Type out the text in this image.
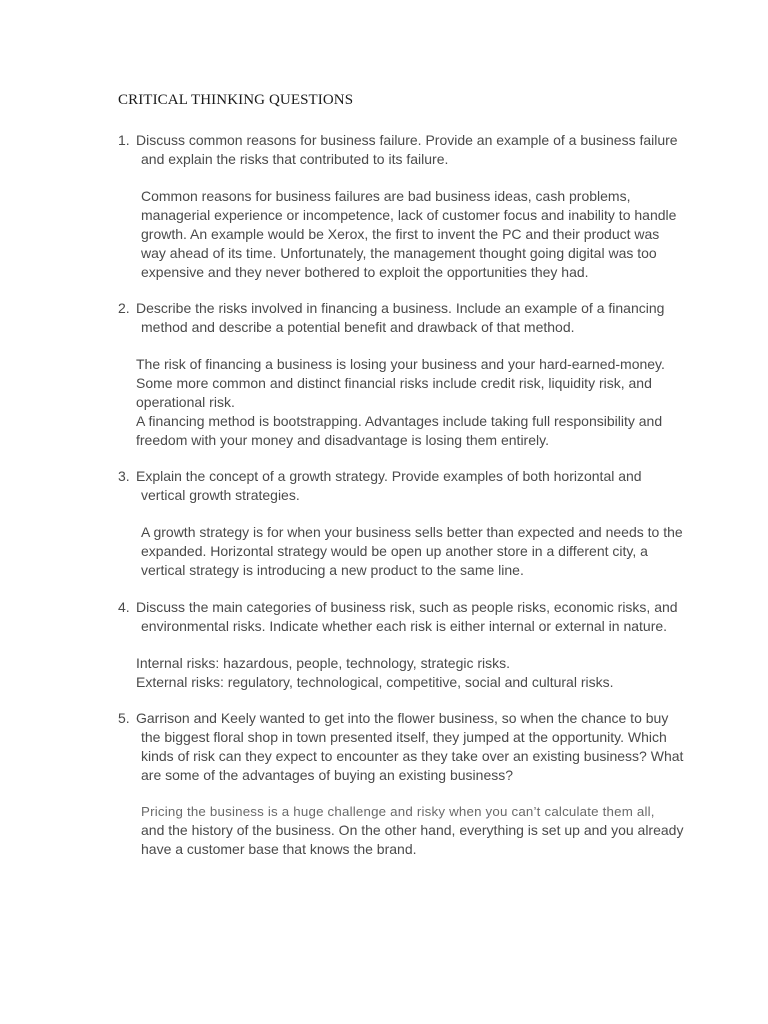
CRITICAL THINKING QUESTIONS
1. Discuss common reasons for business failure. Provide an example of a business failure
and explain the risks that contributed to its failure.
Common reasons for business failures are bad business ideas, cash problems,
managerial experience or incompetence, lack of customer focus and inability to handle
growth. An example would be Xerox, the first to invent the PC and their product was
way ahead of its time. Unfortunately, the management thought going digital was too
expensive and they never bothered to exploit the opportunities they had.
2. Describe the risks involved in financing a business. Include an example of a financing
method and describe a potential benefit and drawback of that method.
The risk of financing a business is losing your business and your hard-earned-money.
Some more common and distinct financial risks include credit risk, liquidity risk, and
operational risk.
A financing method is bootstrapping. Advantages include taking full responsibility and
freedom with your money and disadvantage is losing them entirely.
3. Explain the concept of a growth strategy. Provide examples of both horizontal and
vertical growth strategies.
A growth strategy is for when your business sells better than expected and needs to the
expanded. Horizontal strategy would be open up another store in a different city, a
vertical strategy is introducing a new product to the same line.
4. Discuss the main categories of business risk, such as people risks, economic risks, and
environmental risks. Indicate whether each risk is either internal or external in nature.
Internal risks: hazardous, people, technology, strategic risks.
External risks: regulatory, technological, competitive, social and cultural risks.
5. Garrison and Keely wanted to get into the flower business, so when the chance to buy
the biggest floral shop in town presented itself, they jumped at the opportunity. Which
kinds of risk can they expect to encounter as they take over an existing business? What
are some of the advantages of buying an existing business?
Pricing the business is a huge challenge and risky when you can’t calculate them all,
and the history of the business. On the other hand, everything is set up and you already
have a customer base that knows the brand.
